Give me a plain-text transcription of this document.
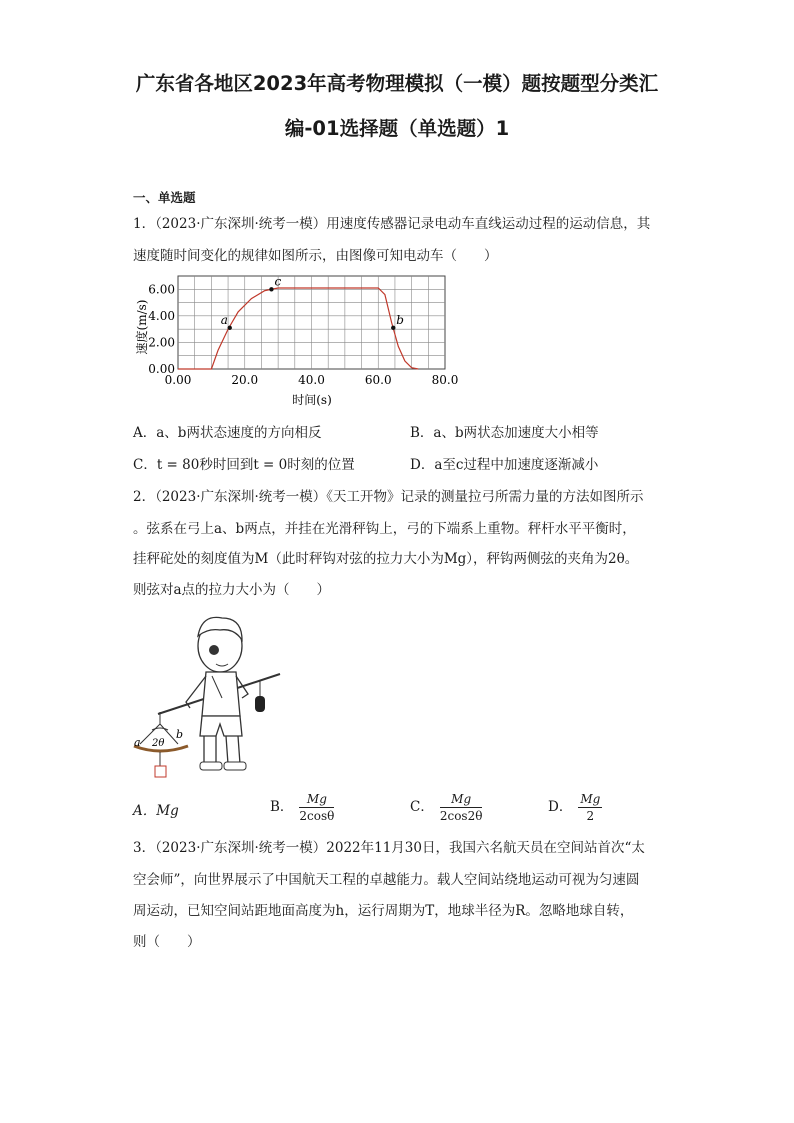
广东省各地区2023年高考物理模拟（一模）题按题型分类汇
编-01选择题（单选题）1
一、单选题
1．（2023·广东深圳·统考一模）用速度传感器记录电动车直线运动过程的运动信息，其
速度随时间变化的规律如图所示，由图像可知电动车（　　）
0.00	20.0	40.0	60.0	80.0
0.00
2.00
4.00
6.00
a
c
b
时间(s)
速度(m/s)
A．a、b两状态速度的方向相反	B．a、b两状态加速度大小相等
C．t = 80秒时回到t = 0时刻的位置	D．a至c过程中加速度逐渐减小
2．（2023·广东深圳·统考一模）《天工开物》记录的测量拉弓所需力量的方法如图所示
。弦系在弓上a、b两点，并挂在光滑秤钩上，弓的下端系上重物。秤杆水平平衡时，
挂秤砣处的刻度值为M（此时秤钩对弦的拉力大小为Mg），秤钩两侧弦的夹角为2θ。
则弦对a点的拉力大小为（　　）
a
b
2θ
A．Mg	B． $\frac{Mg}{2\cos\theta}$	C． $\frac{Mg}{2\cos 2\theta}$	D． $\frac{Mg}{2}$
3．（2023·广东深圳·统考一模）2022年11月30日，我国六名航天员在空间站首次“太
空会师”，向世界展示了中国航天工程的卓越能力。载人空间站绕地运动可视为匀速圆
周运动，已知空间站距地面高度为h，运行周期为T，地球半径为R。忽略地球自转，
则（　　）
